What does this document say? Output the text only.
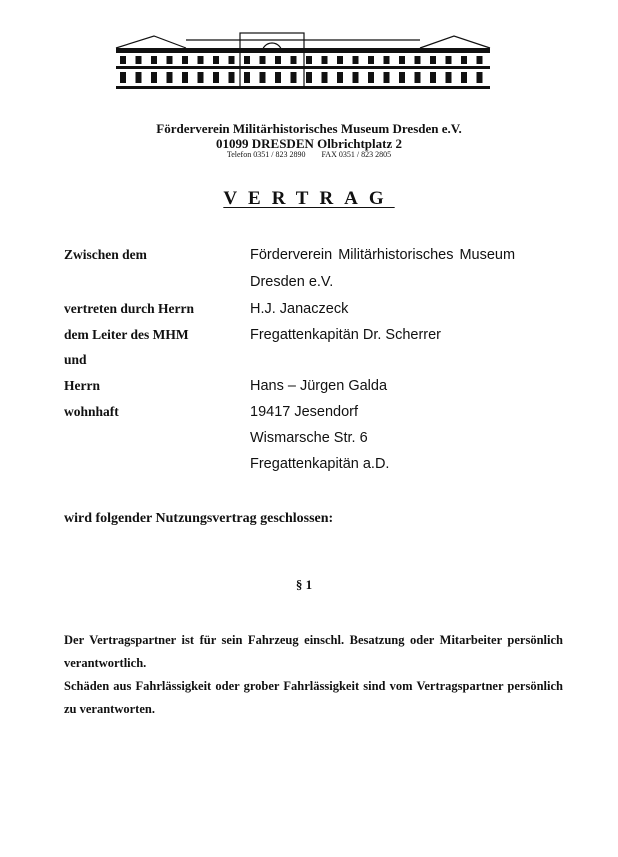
Förderverein Militärhistorisches Museum Dresden e.V.
01099 DRESDEN Olbrichtplatz 2
Telefon 0351 / 823 2890 FAX 0351 / 823 2805
VERTRAG
Zwischen dem	Förderverein Militärhistorisches Museum
Dresden e.V.
vertreten durch Herrn	H.J. Janaczeck
dem Leiter des MHM	Fregattenkapitän Dr. Scherrer
und
Herrn	Hans – Jürgen Galda
wohnhaft	19417 Jesendorf
Wismarsche Str. 6
Fregattenkapitän a.D.
wird folgender Nutzungsvertrag geschlossen:
§ 1
Der Vertragspartner ist für sein Fahrzeug einschl. Besatzung oder Mitarbeiter persönlich verantwortlich.
Schäden aus Fahrlässigkeit oder grober Fahrlässigkeit sind vom Vertragspartner persönlich zu verantworten.
